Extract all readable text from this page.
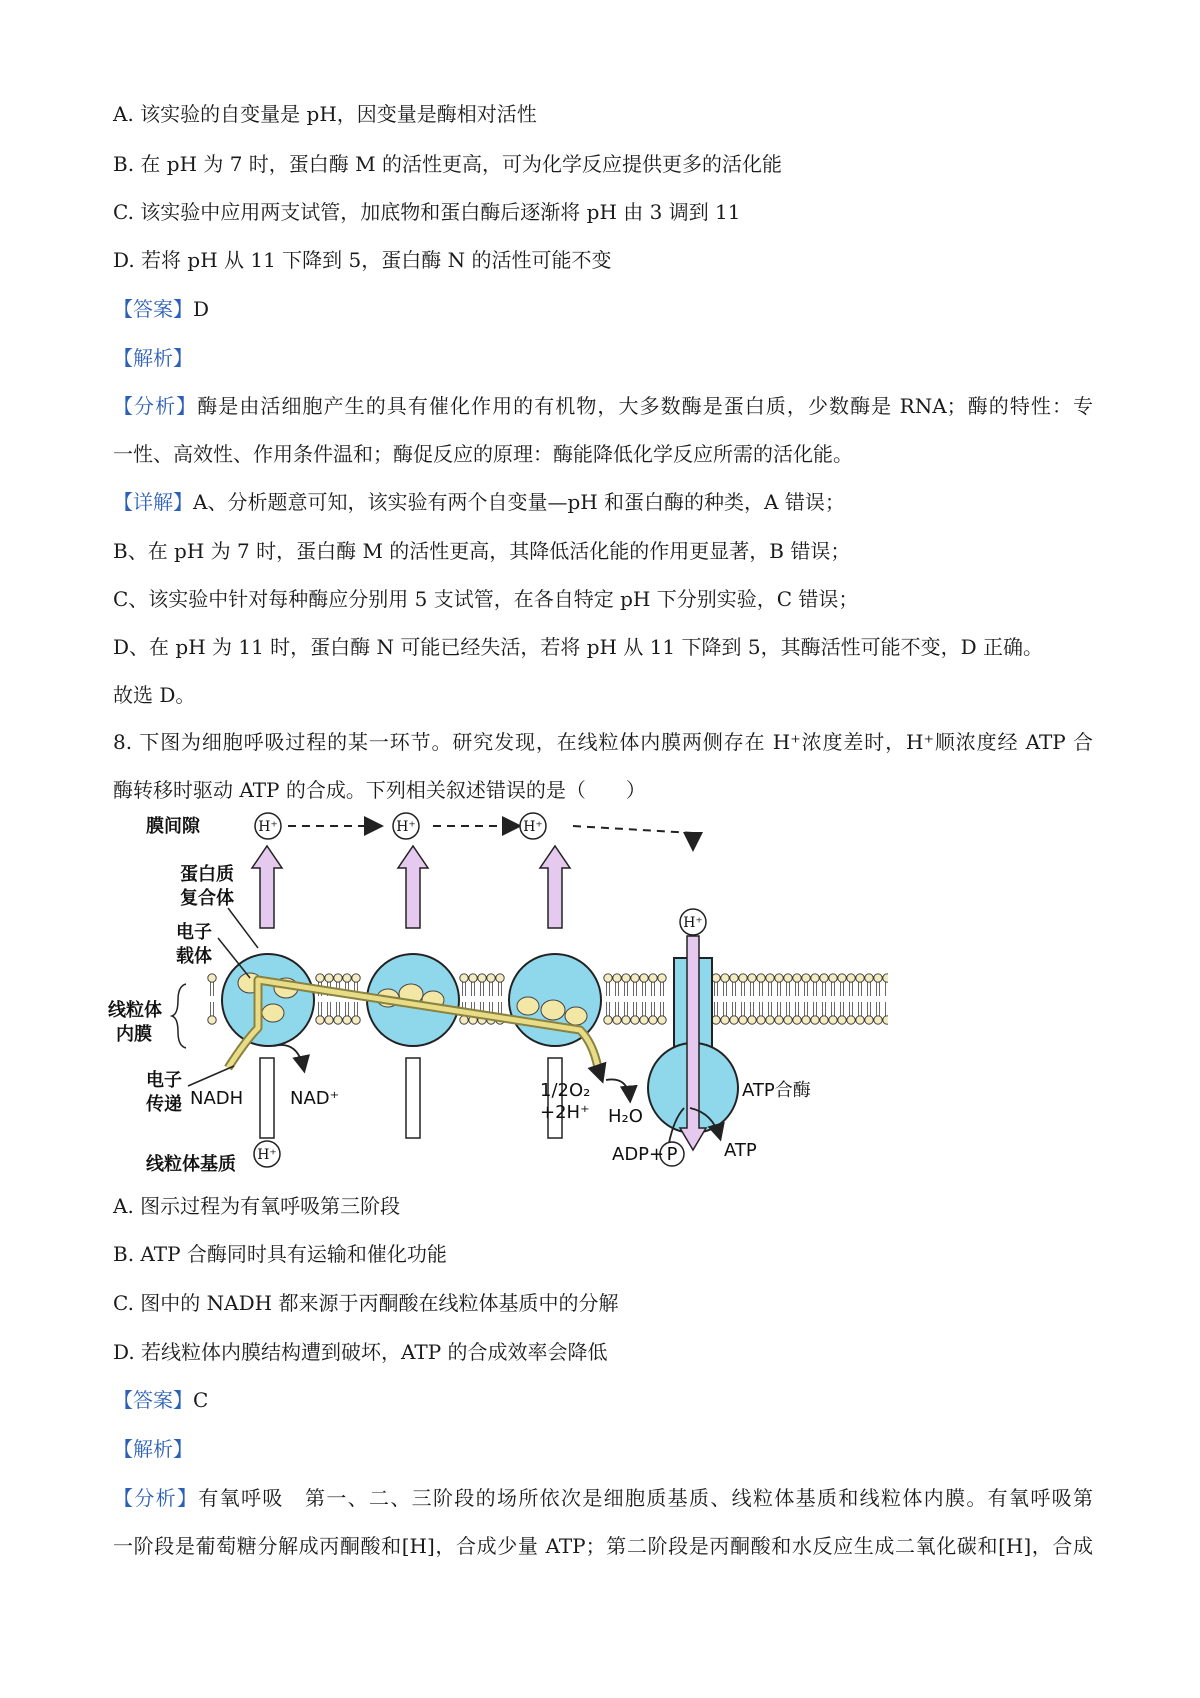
A. 该实验的自变量是 pH，因变量是酶相对活性
B. 在 pH 为 7 时，蛋白酶 M 的活性更高，可为化学反应提供更多的活化能
C. 该实验中应用两支试管，加底物和蛋白酶后逐渐将 pH 由 3 调到 11
D. 若将 pH 从 11 下降到 5，蛋白酶 N 的活性可能不变
【答案】D
【解析】
【分析】酶是由活细胞产生的具有催化作用的有机物，大多数酶是蛋白质，少数酶是 RNA；酶的特性：专
一性、高效性、作用条件温和；酶促反应的原理：酶能降低化学反应所需的活化能。
【详解】A、分析题意可知，该实验有两个自变量—pH 和蛋白酶的种类，A 错误；
B、在 pH 为 7 时，蛋白酶 M 的活性更高，其降低活化能的作用更显著，B 错误；
C、该实验中针对每种酶应分别用 5 支试管，在各自特定 pH 下分别实验，C 错误；
D、在 pH 为 11 时，蛋白酶 N 可能已经失活，若将 pH 从 11 下降到 5，其酶活性可能不变，D 正确。
故选 D。
8. 下图为细胞呼吸过程的某一环节。研究发现，在线粒体内膜两侧存在 H⁺浓度差时，H⁺顺浓度经 ATP 合
酶转移时驱动 ATP 的合成。下列相关叙述错误的是（　　）
H⁺	H⁺	H⁺
H⁺
H⁺	P
膜间隙
蛋白质
复合体
电子
载体
线粒体
内膜
电子
传递 NADH	NAD⁺
线粒体基质
1/2O₂
+2H⁺ H₂O
ATP合酶
ADP+	ATP
A. 图示过程为有氧呼吸第三阶段
B. ATP 合酶同时具有运输和催化功能
C. 图中的 NADH 都来源于丙酮酸在线粒体基质中的分解
D. 若线粒体内膜结构遭到破坏，ATP 的合成效率会降低
【答案】C
【解析】
【分析】有氧呼吸　第一、二、三阶段的场所依次是细胞质基质、线粒体基质和线粒体内膜。有氧呼吸第
一阶段是葡萄糖分解成丙酮酸和[H]，合成少量 ATP；第二阶段是丙酮酸和水反应生成二氧化碳和[H]，合成
